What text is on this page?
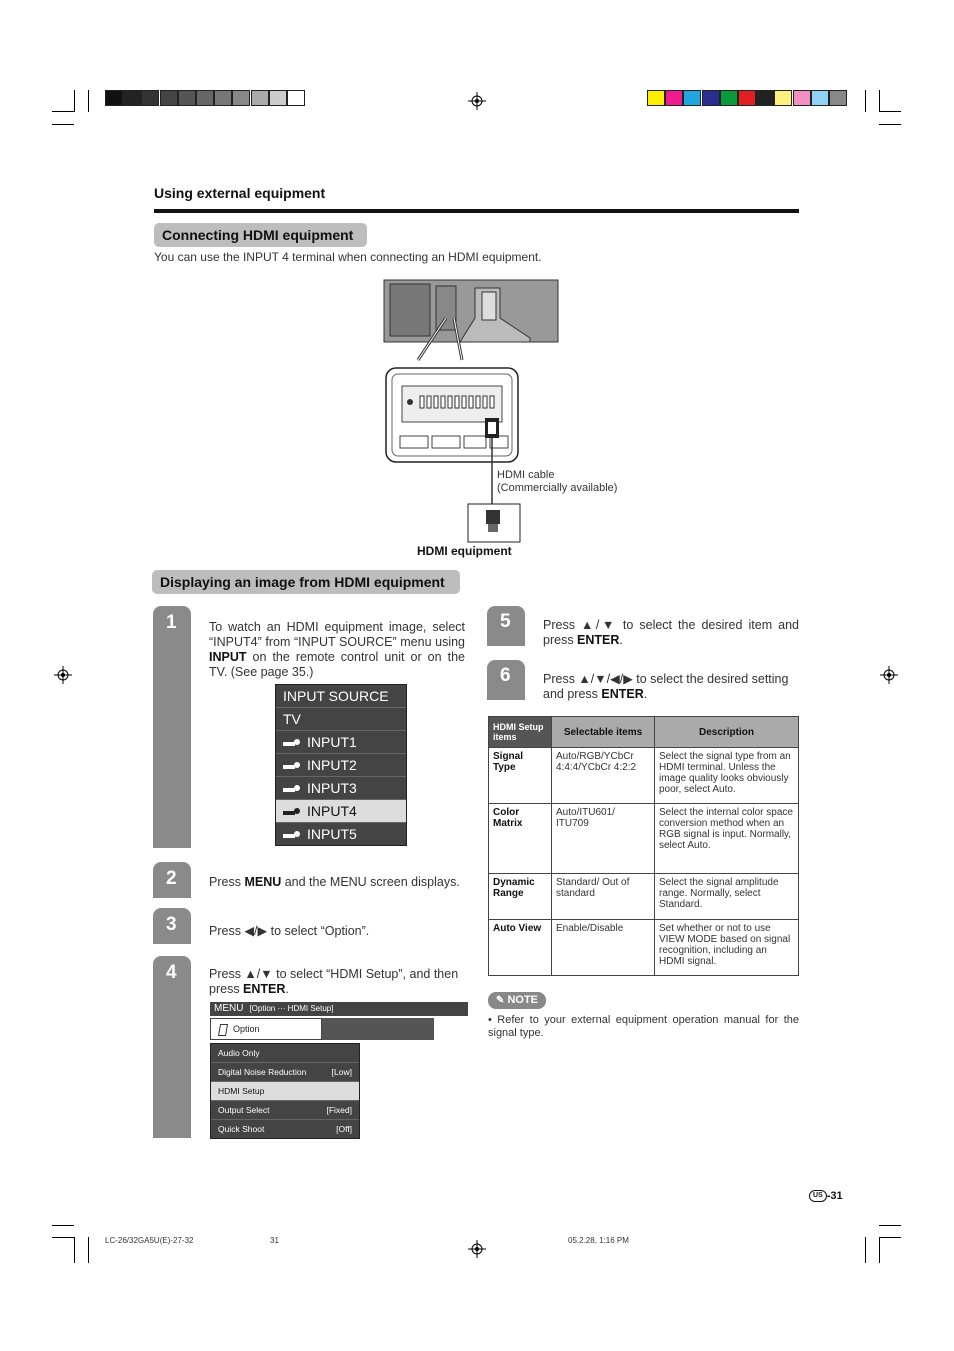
Using external equipment
Connecting HDMI equipment
You can use the INPUT 4 terminal when connecting an HDMI equipment.
HDMI cable
(Commercially available)
HDMI equipment
Displaying an image from HDMI equipment
1	To watch an HDMI equipment image, select “INPUT4” from “INPUT SOURCE” menu using INPUT on the remote control unit or on the TV. (See page 35.)
INPUT SOURCE
TV
INPUT1
INPUT2
INPUT3
INPUT4
INPUT5
2	Press MENU and the MENU screen displays.
3	Press ◀/▶ to select “Option”.
4	Press ▲/▼ to select “HDMI Setup”, and then press ENTER.
MENU [Option ··· HDMI Setup]
Option
Audio Only
Digital Noise Reduction	[Low]
HDMI Setup
Output Select	[Fixed]
Quick Shoot	[Off]
5	Press ▲/▼ to select the desired item and press ENTER.
6	Press ▲/▼/◀/▶ to select the desired setting and press ENTER.
HDMI Setup items	Selectable items	Description
Signal Type	Auto/RGB/YCbCr 4:4:4/YCbCr 4:2:2	Select the signal type from an HDMI terminal. Unless the image quality looks obviously poor, select Auto.
Color Matrix	Auto/ITU601/ ITU709	Select the internal color space conversion method when an RGB signal is input. Normally, select Auto.
Dynamic Range	Standard/ Out of standard	Select the signal amplitude range. Normally, select Standard.
Auto View	Enable/Disable	Set whether or not to use VIEW MODE based on signal recognition, including an HDMI signal.
✎ NOTE
• Refer to your external equipment operation manual for the signal type.
US -31
LC-26/32GA5U(E)-27-32	31	05.2.28, 1:16 PM
